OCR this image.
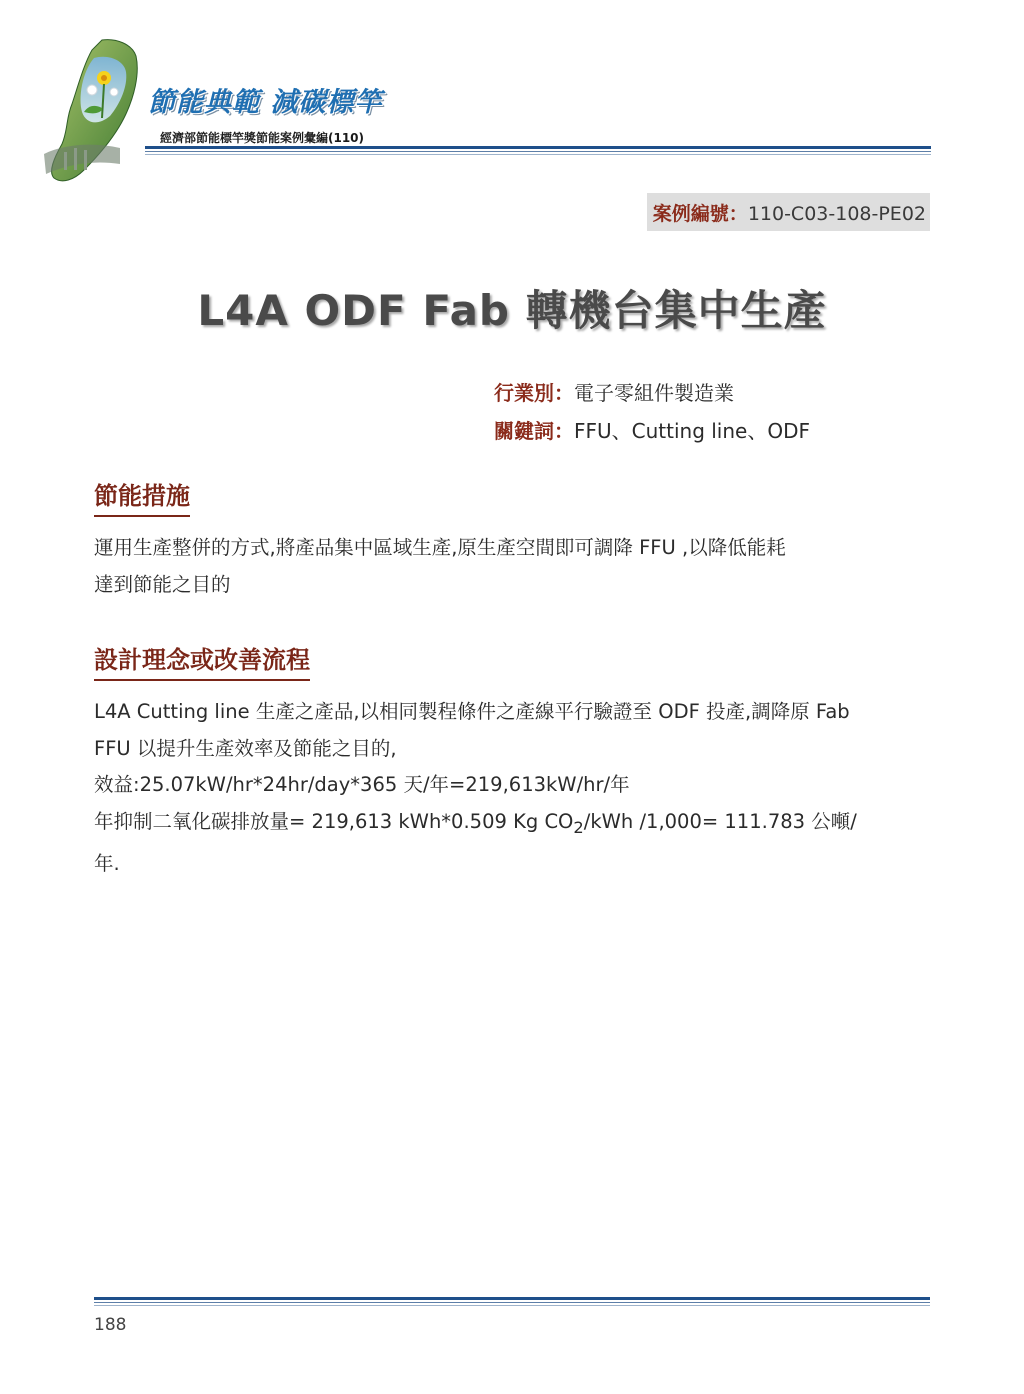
節能典範 減碳標竿
經濟部節能標竿獎節能案例彙編(110)
案例編號：110-C03-108-PE02
L4A ODF Fab 轉機台集中生產
行業別：電子零組件製造業
關鍵詞：FFU、Cutting line、ODF
節能措施

運用生產整併的方式,將產品集中區域生產,原生產空間即可調降 FFU ,以降低能耗

達到節能之目的

設計理念或改善流程

L4A Cutting line 生產之產品,以相同製程條件之產線平行驗證至 ODF 投產,調降原 Fab

FFU 以提升生產效率及節能之目的,

效益:25.07kW/hr*24hr/day*365 天/年=219,613kW/hr/年

年抑制二氧化碳排放量= 219,613 kWh*0.509 Kg $CO_2$/kWh /1,000= 111.783 公噸/

年.

188
